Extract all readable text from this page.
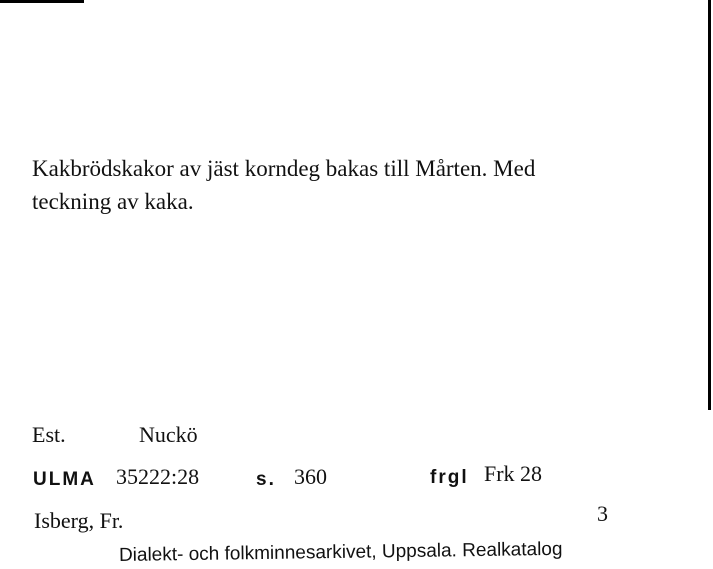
Kakbrödskakor av jäst korndeg bakas till Mårten. Med
teckning av kaka.
Est.	Nuckö
ULMA 35222:28	s. 360	frgl Frk 28
Isberg, Fr.	3
Dialekt- och folkminnesarkivet, Uppsala. Realkatalog
